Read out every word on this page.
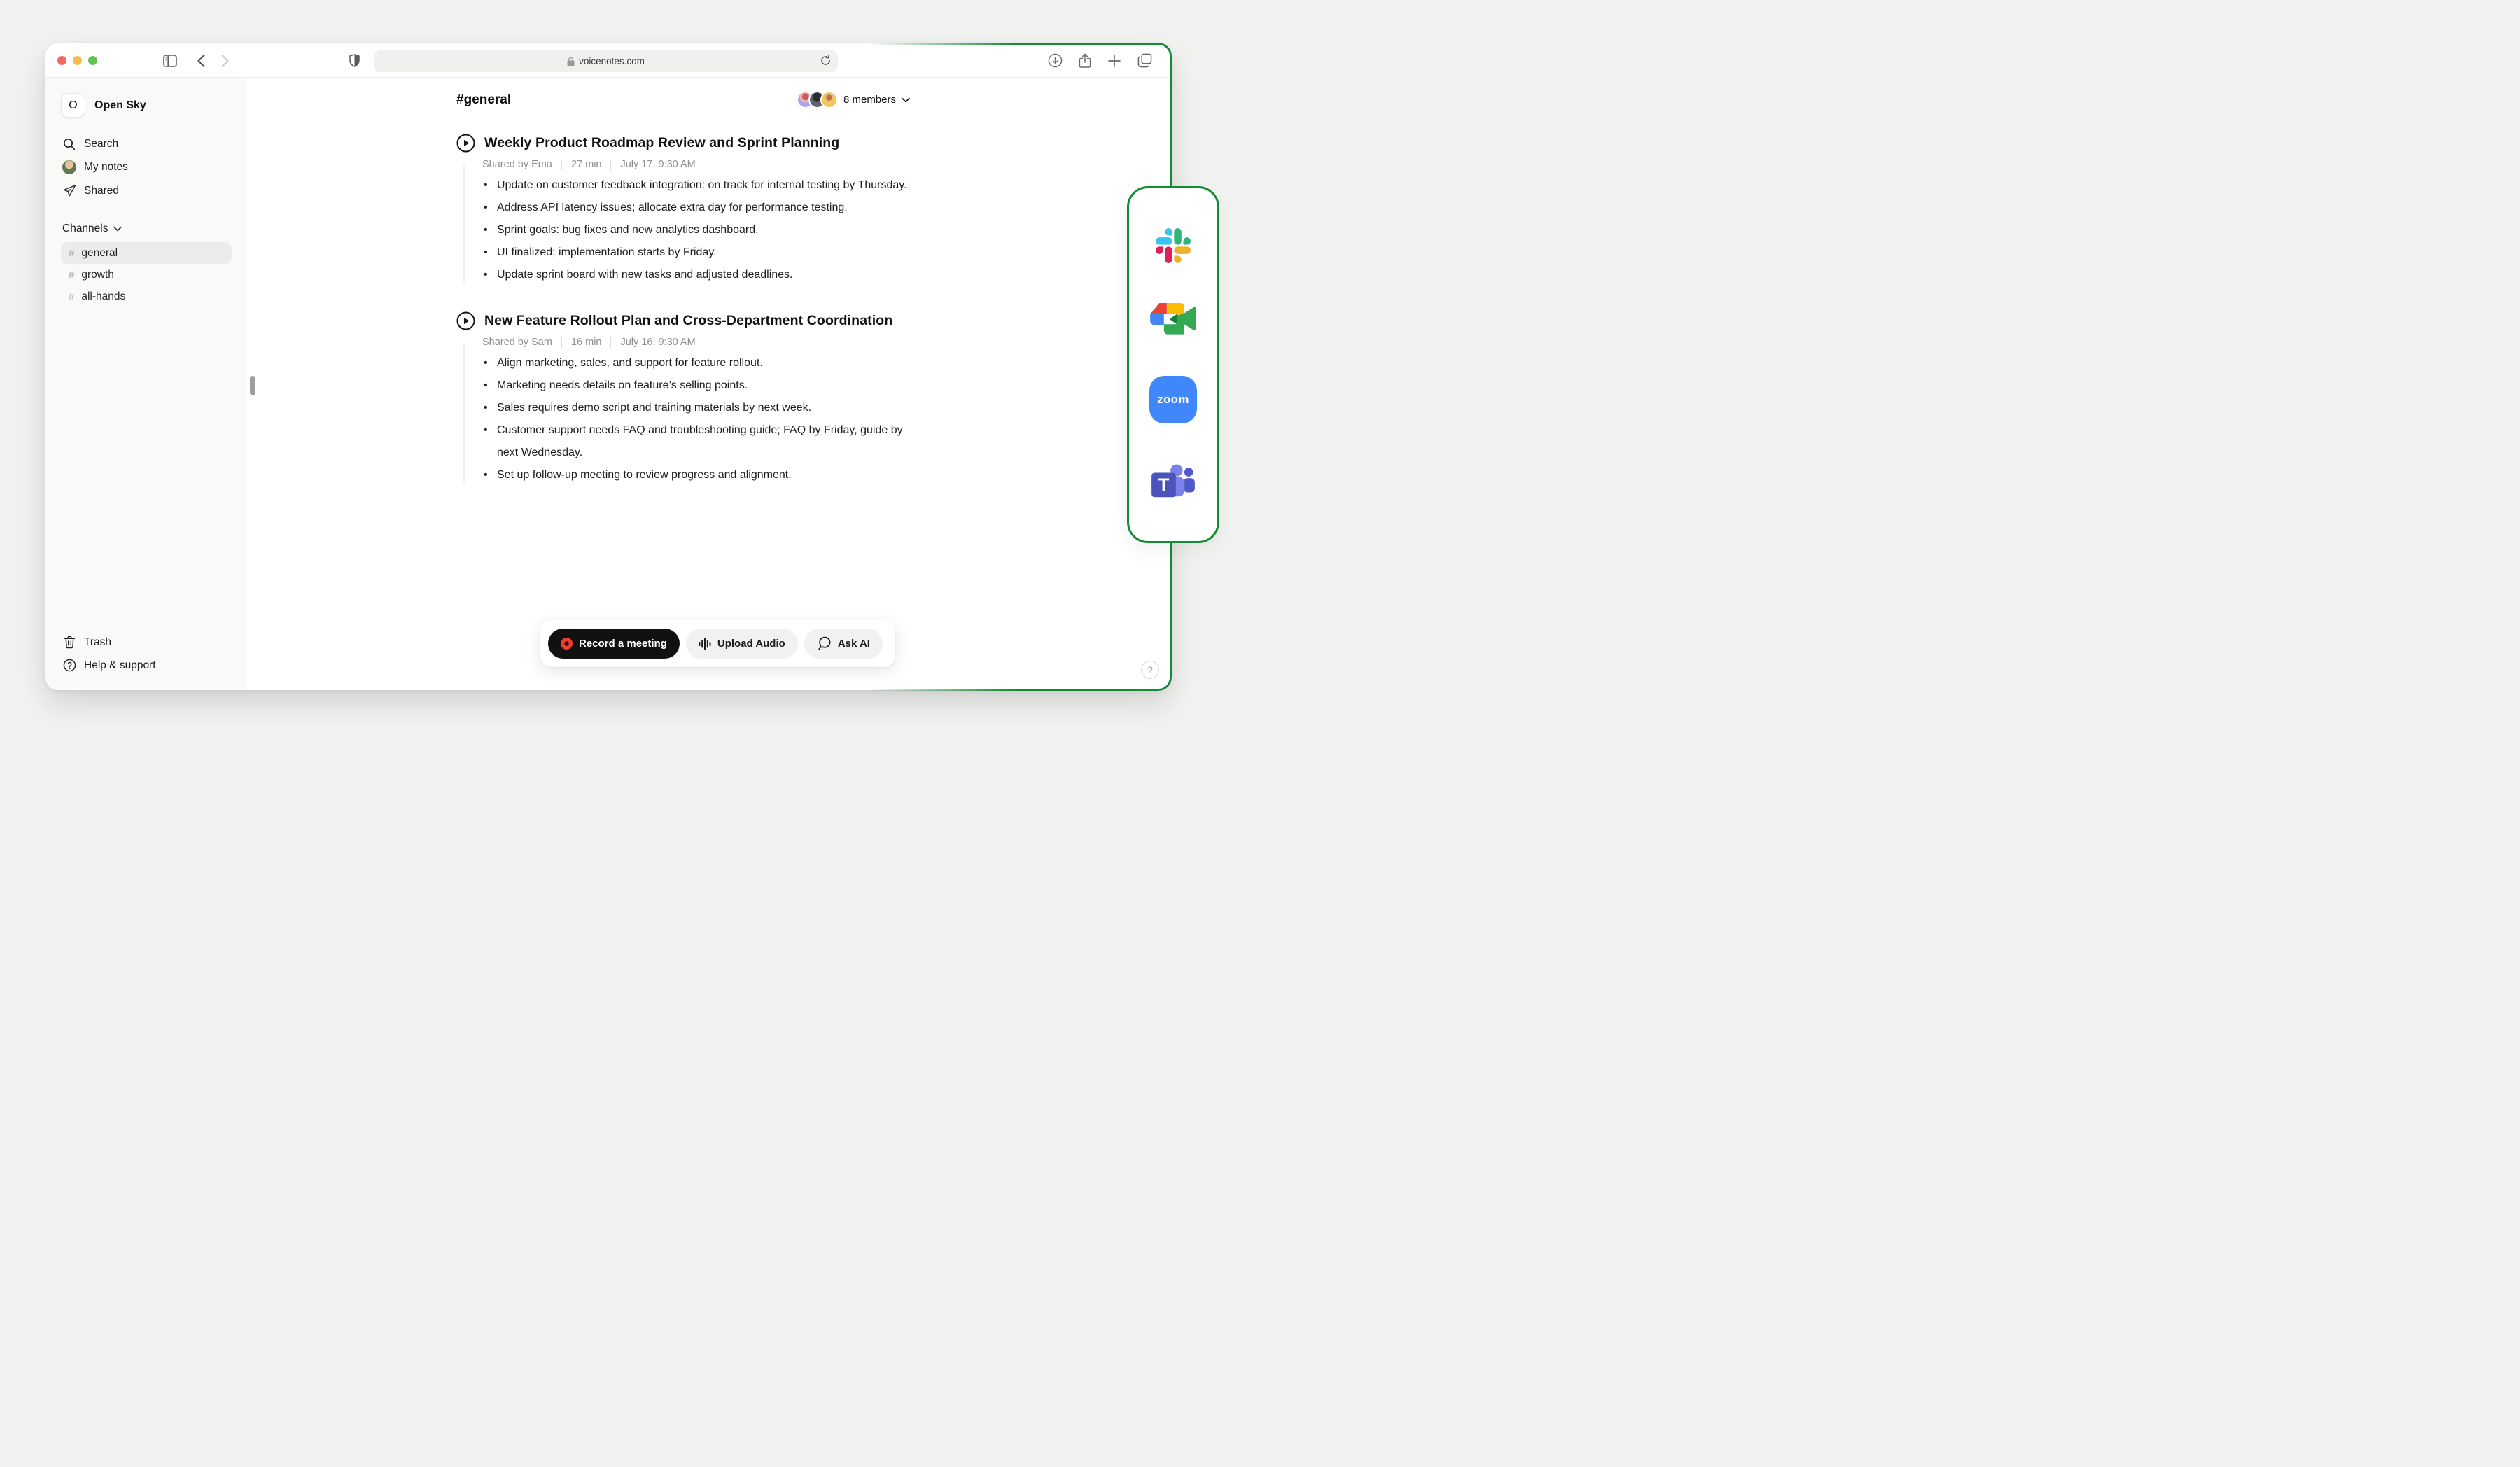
voicenotes.com
O	Open Sky
Search
My notes
Shared
Channels
# general
# growth
# all-hands
Trash
Help & support
#general	8 members
Weekly Product Roadmap Review and Sprint Planning
Shared by Ema 27 min July 17, 9:30 AM
• Update on customer feedback integration: on track for internal testing by Thursday.
• Address API latency issues; allocate extra day for performance testing.
• Sprint goals: bug fixes and new analytics dashboard.
• UI finalized; implementation starts by Friday.
• Update sprint board with new tasks and adjusted deadlines.
New Feature Rollout Plan and Cross-Department Coordination
Shared by Sam 16 min July 16, 9:30 AM
• Align marketing, sales, and support for feature rollout.
• Marketing needs details on feature’s selling points.
• Sales requires demo script and training materials by next week.
• Customer support needs FAQ and troubleshooting guide; FAQ by Friday, guide by next Wednesday.
• Set up follow-up meeting to review progress and alignment.
Record a meeting	Upload Audio	Ask AI
?
zoom
T
